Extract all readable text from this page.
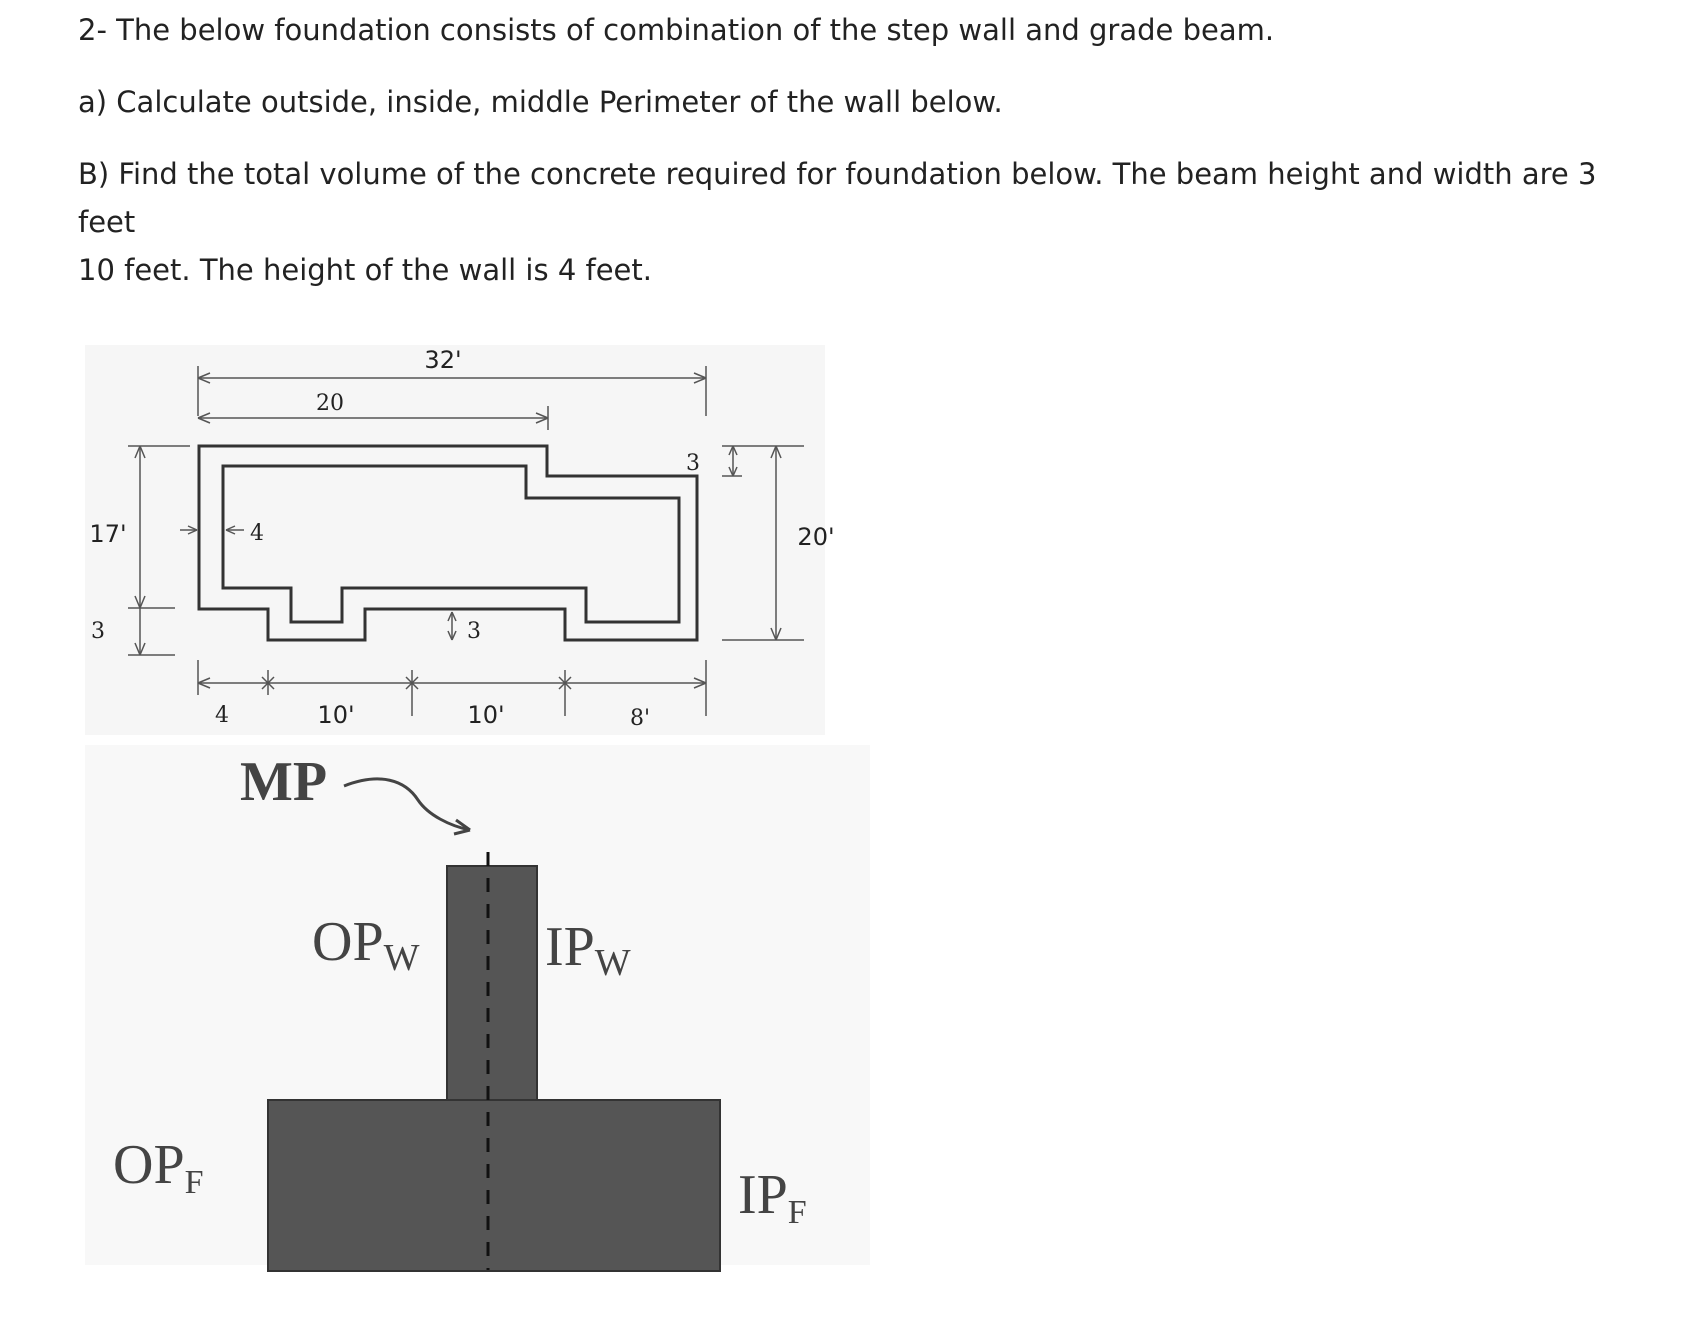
2- The below foundation consists of combination of the step wall and grade beam.

a) Calculate outside, inside, middle Perimeter of the wall below.

B) Find the total volume of the concrete required for foundation below. The beam height and width are 3 feet
10 feet. The height of the wall is 4 feet.
32'
20
3
17'	20'
3
4
3
4	10'	10'	8'
MP
OPW IPW
OPF	IPF
